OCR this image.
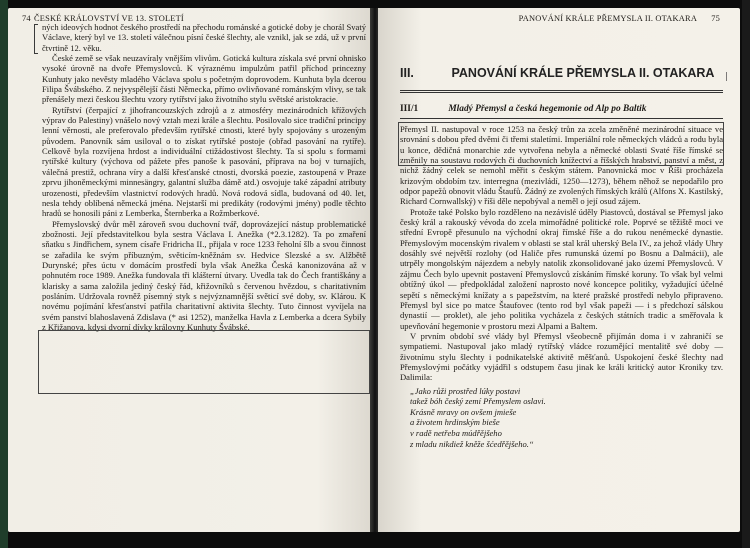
74 ČESKÉ KRÁLOVSTVÍ VE 13. STOLETÍ

ných ideových hodnot českého prostředí na přechodu románské a gotické doby je chorál Svatý Václave, který byl ve 13. století válečnou písní české šlechty, ale vznikl, jak se zdá, už v první čtvrtině 12. věku.

České země se však neuzavíraly vnějším vlivům. Gotická kultura získala své první ohnisko vysoké úrovně na dvoře Přemyslovců. K výraznému impulzům patřil příchod princezny Kunhuty jako nevěsty mladého Václava spolu s početným doprovodem. Kunhuta byla dcerou Filipa Švábského. Z nejvyspělejší části Německa, přímo ovlivňované románským vlivy, se tak přenášely mezi českou šlechtu vzory rytířství jako životního stylu světské aristokracie.

Rytířství (čerpající z jihofrancouzských zdrojů a z atmosféry mezinárodních křížových výprav do Palestiny) vnášelo nový vztah mezi krále a šlechtu. Posilovalo sice tradiční principy lenní věrnosti, ale preferovalo především rytířské ctnosti, které byly spojovány s urozeným původem. Panovník sám usiloval o to získat rytířské postoje (obřad pasování na rytíře). Celkově byla rozvíjena hrdost a individuální ctižádostivost šlechty. Ta si spolu s formami rytířské kultury (výchova od pážete přes panoše k pasování, příprava na boj v turnajích, válečná prestiž, ochrana víry a další křesťanské ctnosti, dvorská poezie, zastoupená v Praze zprvu jihoněmeckými minnesängry, galantní služba dámě atd.) osvojuje také západní atributy urozenosti, především vlastnictví rodových hradů. Nová rodová sídla, budovaná od 40. let, nesla tehdy oblíbená německá jména. Nejstarší mi predikáty (rodovými jmény) podle těchto hradů se honosili páni z Lemberka, Šternberka a Rožmberkové.

Přemyslovský dvůr měl zároveň svou duchovní tvář, doprovázející nástup problematické zbožnosti. Její představitelkou byla sestra Václava I. Anežka (*2.3.1282). Ta po zmaření sňatku s Jindřichem, synem císaře Fridricha II., přijala v roce 1233 řeholní šlb a svou činnost se zařadila ke svým příbuzným, světicím-kněžnám sv. Hedvice Slezské a sv. Alžbětě Durynské; přes úctu v domácím prostředí byla však Anežka Česká kanonizována až v pohnutém roce 1989. Anežka fundovala tři klášterní útvary. Uvedla tak do Čech františkány a klarisky a sama založila jediný český řád, křižovníků s červenou hvězdou, s charitativním posláním. Udržovala rovněž písemný styk s nejvýznamnější světicí své doby, sv. Klárou. K novému pojímání křesťanství patřila charitativní aktivita šlechty. Tuto činnost vyvíjela na svém panství blahoslavená Zdislava (* asi 1252), manželka Havla z Lemberka a dcera Sybily z Křižanova, kdysi dvorní dívky královny Kunhuty Švábské.

PANOVÁNÍ KRÁLE PŘEMYSLA II. OTAKARA 75
III.	PANOVÁNÍ KRÁLE PŘEMYSLA II. OTAKARA
III/1	Mladý Přemysl a česká hegemonie od Alp po Baltik

Přemysl II. nastupoval v roce 1253 na český trůn za zcela změněné mezinárodní situace ve srovnání s dobou před dvěmi či třemi staletími. Imperiální role německých vládců a rodu byla u konce, dědičná monarchie zde vytvořena nebyla a německé oblasti Svaté říše římské se změnily na soustavu rodových či duchovních knížectví a říšských hrabství, panství a měst, z nichž žádný celek se nemohl měřit s českým státem. Panovnická moc v Říši procházela krizovým obdobím tzv. interregna (mezivládí, 1250—1273), během něhož se nepodařilo pro odpor papežů obnovit vládu Štaufů. Žádný ze zvolených římských králů (Alfons X. Kastilský, Richard Cornwallský) v říši děle nepobýval a neměl o její osud zájem.

Protože také Polsko bylo rozděleno na nezávislé úděly Piastovců, dostával se Přemysl jako český král a rakouský vévoda do zcela mimořádné politické role. Poprvé se těžiště moci ve střední Evropě přesunulo na východní okraj římské říše a do rukou nenémecké dynastie. Přemyslovým mocenským rivalem v oblasti se stal král uherský Bela IV., za jehož vlády Uhry dosáhly své největší rozlohy (od Haliče přes rumunská území po Bosnu a Dalmácii), ale utrpěly mongolským nájezdem a nebyly natolik zkonsolidované jako území Přemyslovců. V zájmu Čech bylo upevnit postavení Přemyslovců získáním římské koruny. To však byl velmi obtížný úkol — předpokládal založení naprosto nové koncepce politiky, vyžadující účelné sepětí s německými knížaty a s papežstvím, na které pražské prostředí nebylo připraveno. Přemysl byl sice po matce Štaufovec (tento rod byl však papeži — i s předchozí sálskou dynastií — proklet), ale jeho politika vycházela z českých státních tradic a směřovala k upevňování hegemonie v prostoru mezi Alpami a Baltem.

V prvním období své vlády byl Přemysl všeobecně přijímán doma i v zahraničí se sympatiemi. Nastupoval jako mladý rytířský vládce rozumějící mentalitě své doby — životnímu stylu šlechty i podnikatelské aktivitě měšťanů. Uspokojení české šlechty nad Přemyslovými počátky vyjádřil s odstupem času jinak ke králi kritický autor Kroniky tzv. Dalimila:

„Jako růži prostřed lúky postavi
takež bóh český zemí Přemyslem oslavi.
Krásně mravy on ovšem jmieše
a životem hrdinským bieše
v radě netřeba múdřějšeho
z mladu nikdiež kněže šćedřějšeho.“
|
